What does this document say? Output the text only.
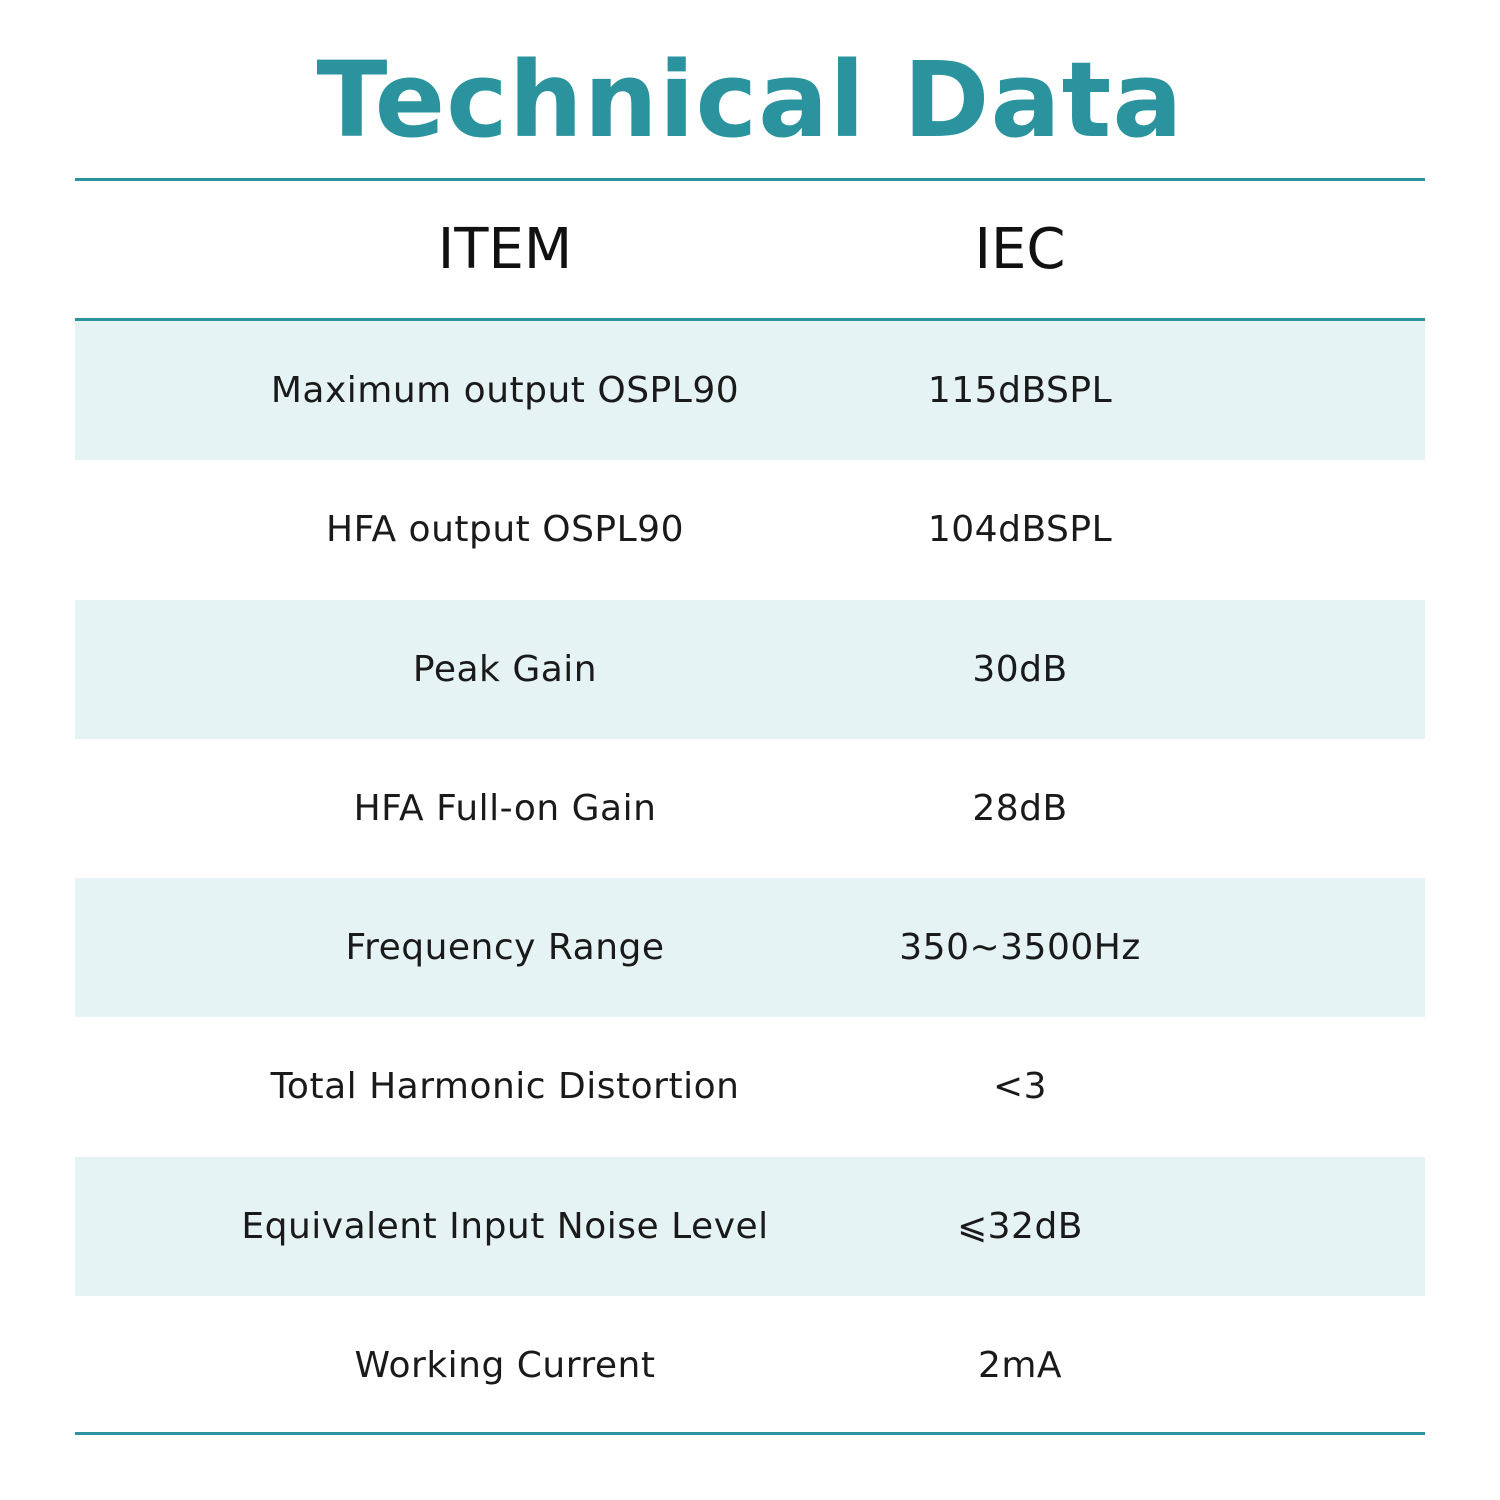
Technical Data
ITEM	IEC
Maximum output OSPL90	115dBSPL
HFA output OSPL90	104dBSPL
Peak Gain	30dB
HFA Full-on Gain	28dB
Frequency Range	350~3500Hz
Total Harmonic Distortion	<3
Equivalent Input Noise Level	⩽32dB
Working Current	2mA
